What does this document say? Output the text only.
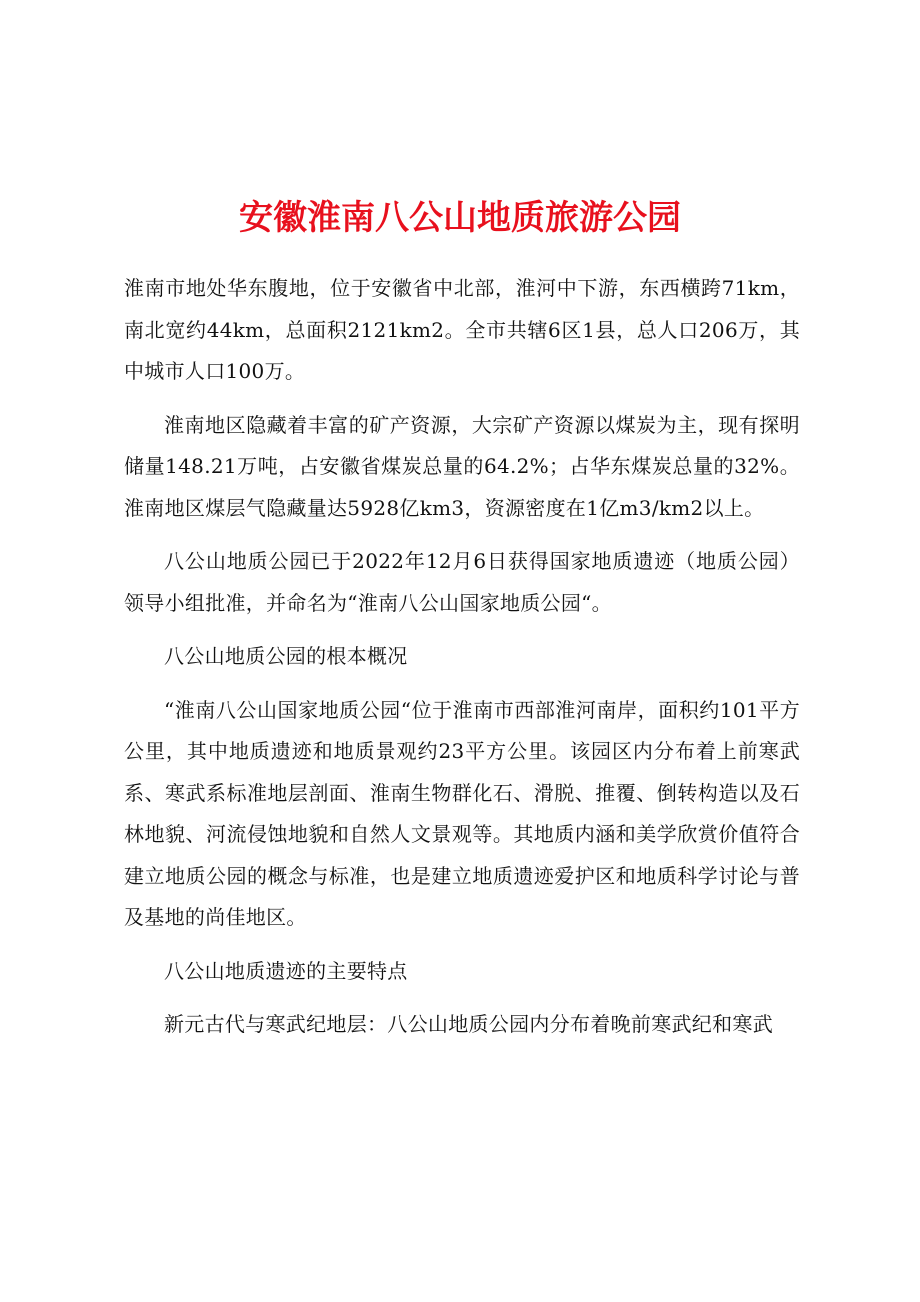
安徽淮南八公山地质旅游公园

淮南市地处华东腹地，位于安徽省中北部，淮河中下游，东西横跨71km，南北宽约44km，总面积2121km2。全市共辖6区1县，总人口206万，其中城市人口100万。

淮南地区隐藏着丰富的矿产资源，大宗矿产资源以煤炭为主，现有探明储量148.21万吨，占安徽省煤炭总量的64.2%；占华东煤炭总量的32%。淮南地区煤层气隐藏量达5928亿km3，资源密度在1亿m3/km2以上。

八公山地质公园已于2022年12月6日获得国家地质遗迹（地质公园）领导小组批准，并命名为“淮南八公山国家地质公园“。

八公山地质公园的根本概况

“淮南八公山国家地质公园“位于淮南市西部淮河南岸，面积约101平方公里，其中地质遗迹和地质景观约23平方公里。该园区内分布着上前寒武系、寒武系标准地层剖面、淮南生物群化石、滑脱、推覆、倒转构造以及石林地貌、河流侵蚀地貌和自然人文景观等。其地质内涵和美学欣赏价值符合建立地质公园的概念与标准，也是建立地质遗迹爱护区和地质科学讨论与普及基地的尚佳地区。

八公山地质遗迹的主要特点

新元古代与寒武纪地层：八公山地质公园内分布着晚前寒武纪和寒武
